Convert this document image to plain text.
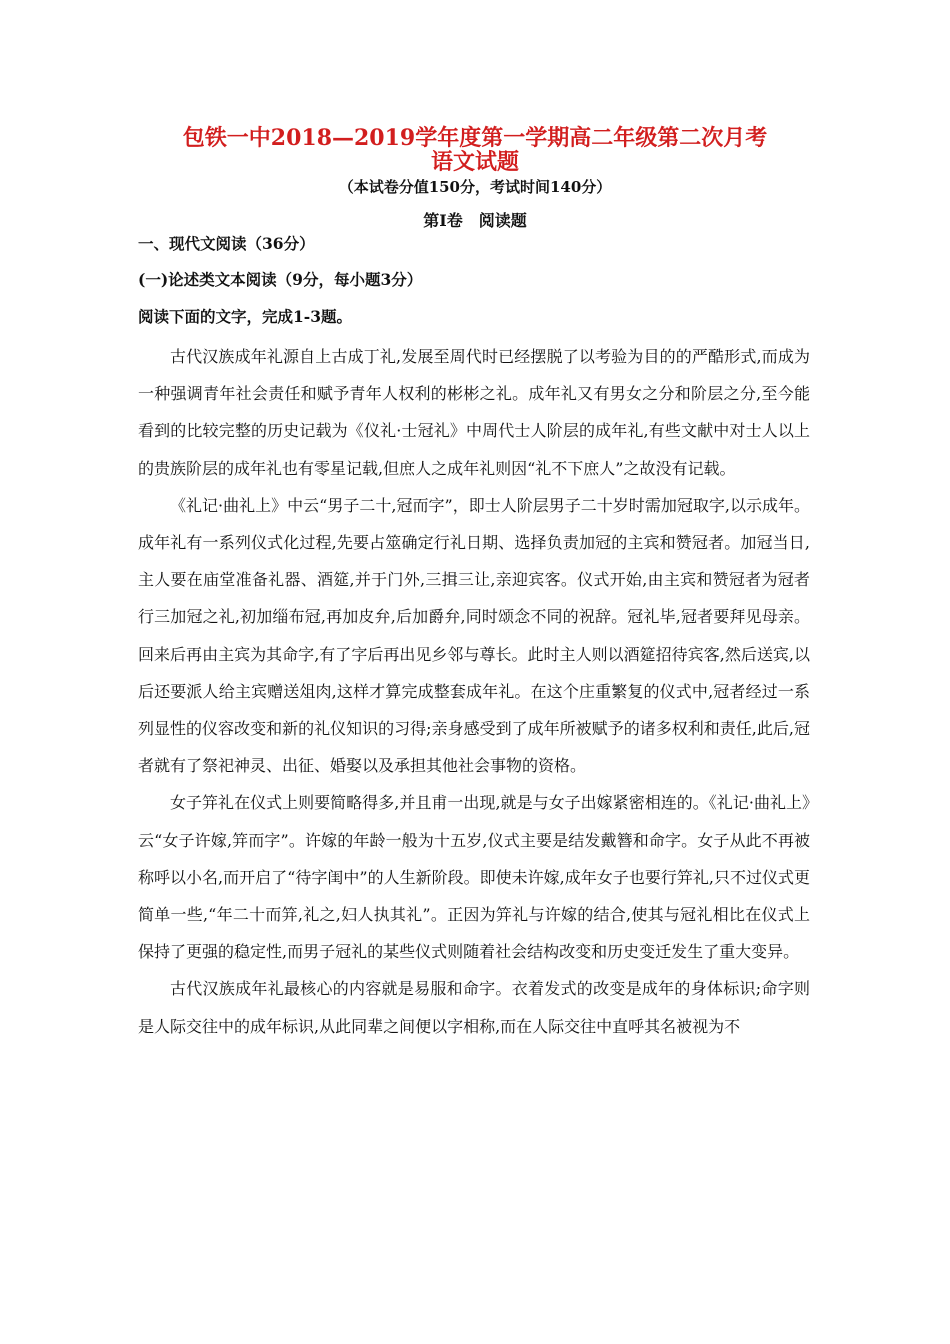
包铁一中2018—2019学年度第一学期高二年级第二次月考
语文试题
（本试卷分值150分，考试时间140分）
第Ⅰ卷　阅读题
一、现代文阅读（36分）
(一)论述类文本阅读（9分，每小题3分）
阅读下面的文字，完成1-3题。

古代汉族成年礼源自上古成丁礼,发展至周代时已经摆脱了以考验为目的的严酷形式,而成为一种强调青年社会责任和赋予青年人权利的彬彬之礼。成年礼又有男女之分和阶层之分,至今能看到的比较完整的历史记载为《仪礼·士冠礼》中周代士人阶层的成年礼,有些文献中对士人以上的贵族阶层的成年礼也有零星记载,但庶人之成年礼则因“礼不下庶人”之故没有记载。

《礼记·曲礼上》中云“男子二十,冠而字”，即士人阶层男子二十岁时需加冠取字,以示成年。成年礼有一系列仪式化过程,先要占筮确定行礼日期、选择负责加冠的主宾和赞冠者。加冠当日,主人要在庙堂准备礼器、酒筵,并于门外,三揖三让,亲迎宾客。仪式开始,由主宾和赞冠者为冠者行三加冠之礼,初加缁布冠,再加皮弁,后加爵弁,同时颂念不同的祝辞。冠礼毕,冠者要拜见母亲。回来后再由主宾为其命字,有了字后再出见乡邻与尊长。此时主人则以酒筵招待宾客,然后送宾,以后还要派人给主宾赠送俎肉,这样才算完成整套成年礼。在这个庄重繁复的仪式中,冠者经过一系列显性的仪容改变和新的礼仪知识的习得;亲身感受到了成年所被赋予的诸多权利和责任,此后,冠者就有了祭祀神灵、出征、婚娶以及承担其他社会事物的资格。

女子笄礼在仪式上则要简略得多,并且甫一出现,就是与女子出嫁紧密相连的。《礼记·曲礼上》云“女子许嫁,笄而字”。许嫁的年龄一般为十五岁,仪式主要是结发戴簪和命字。女子从此不再被称呼以小名,而开启了“待字闺中”的人生新阶段。即使未许嫁,成年女子也要行笄礼,只不过仪式更简单一些,“年二十而笄,礼之,妇人执其礼”。正因为笄礼与许嫁的结合,使其与冠礼相比在仪式上保持了更强的稳定性,而男子冠礼的某些仪式则随着社会结构改变和历史变迁发生了重大变异。

古代汉族成年礼最核心的内容就是易服和命字。衣着发式的改变是成年的身体标识;命字则是人际交往中的成年标识,从此同辈之间便以字相称,而在人际交往中直呼其名被视为不
